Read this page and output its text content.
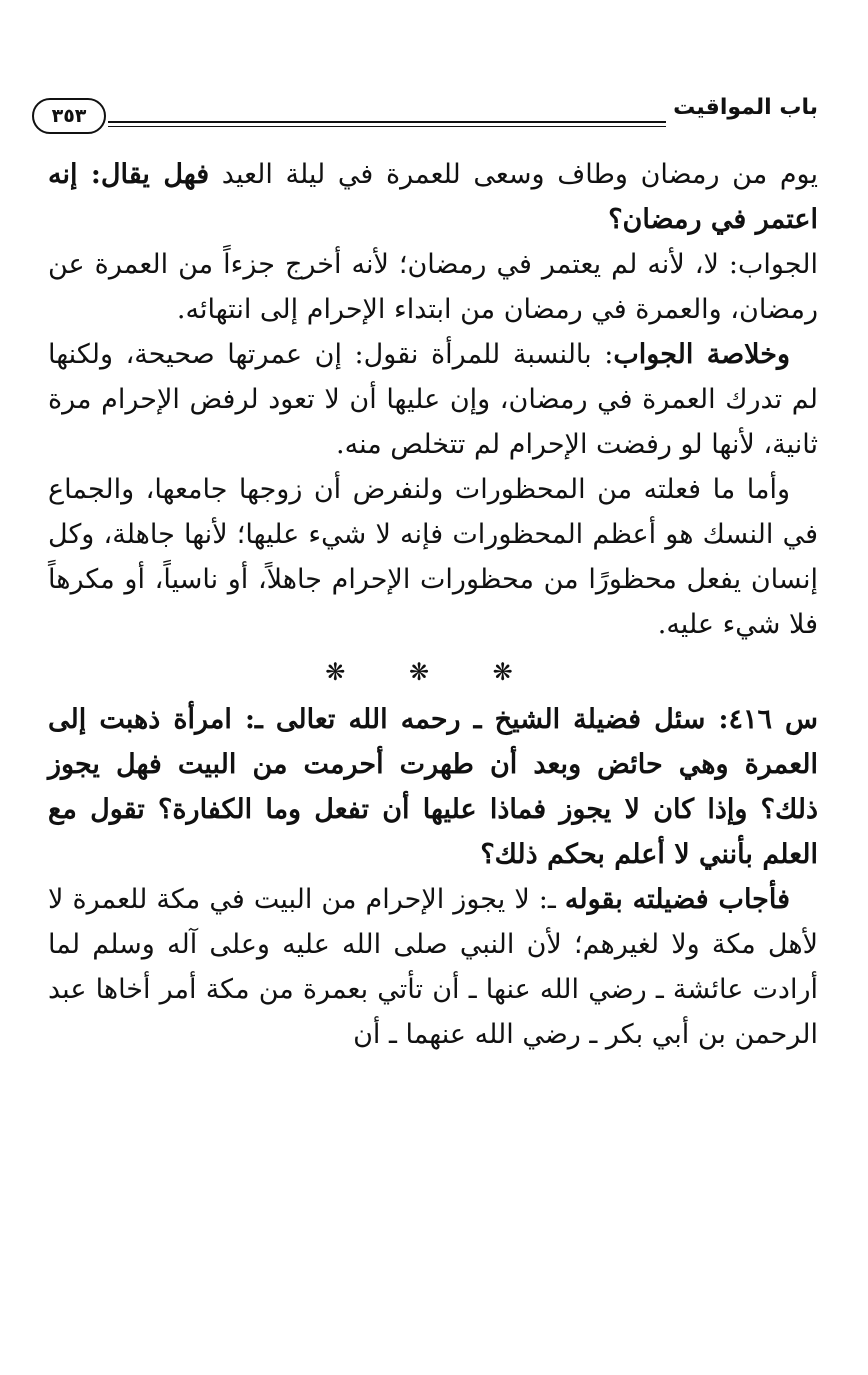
باب المواقيت
٣٥٣

يوم من رمضان وطاف وسعى للعمرة في ليلة العيد فهل يقال: إنه اعتمر في رمضان؟

الجواب: لا، لأنه لم يعتمر في رمضان؛ لأنه أخرج جزءاً من العمرة عن رمضان، والعمرة في رمضان من ابتداء الإحرام إلى انتهائه.

وخلاصة الجواب: بالنسبة للمرأة نقول: إن عمرتها صحيحة، ولكنها لم تدرك العمرة في رمضان، وإن عليها أن لا تعود لرفض الإحرام مرة ثانية، لأنها لو رفضت الإحرام لم تتخلص منه.

وأما ما فعلته من المحظورات ولنفرض أن زوجها جامعها، والجماع في النسك هو أعظم المحظورات فإنه لا شيء عليها؛ لأنها جاهلة، وكل إنسان يفعل محظورًا من محظورات الإحرام جاهلاً، أو ناسياً، أو مكرهاً فلا شيء عليه.

❋ ❋ ❋

س ٤١٦: سئل فضيلة الشيخ ـ رحمه الله تعالى ـ: امرأة ذهبت إلى العمرة وهي حائض وبعد أن طهرت أحرمت من البيت فهل يجوز ذلك؟ وإذا كان لا يجوز فماذا عليها أن تفعل وما الكفارة؟ تقول مع العلم بأنني لا أعلم بحكم ذلك؟

فأجاب فضيلته بقوله ـ: لا يجوز الإحرام من البيت في مكة للعمرة لا لأهل مكة ولا لغيرهم؛ لأن النبي صلى الله عليه وعلى آله وسلم لما أرادت عائشة ـ رضي الله عنها ـ أن تأتي بعمرة من مكة أمر أخاها عبد الرحمن بن أبي بكر ـ رضي الله عنهما ـ أن
